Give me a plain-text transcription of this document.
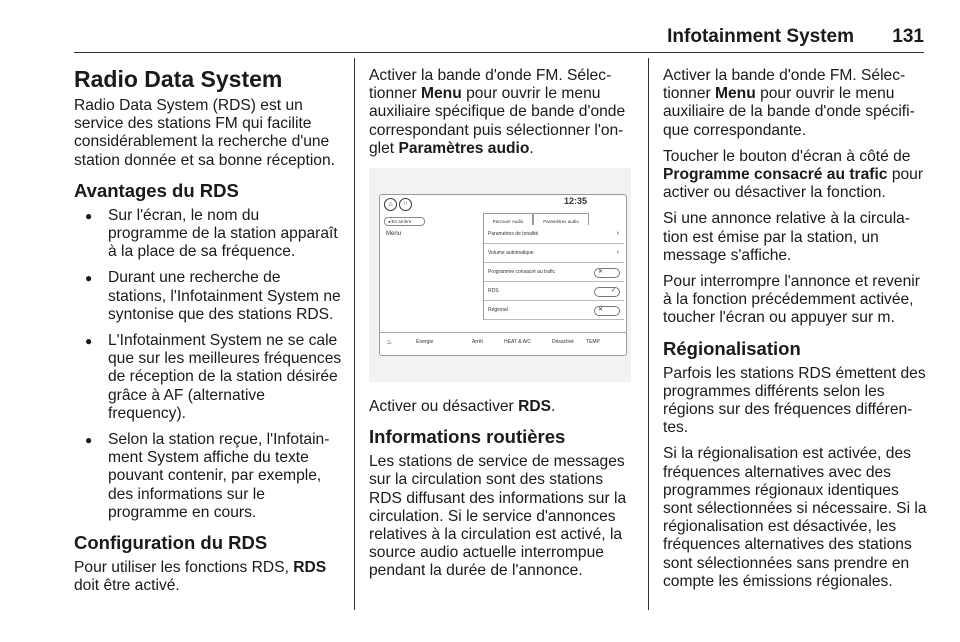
Infotainment System 131
Radio Data System

Radio Data System (RDS) est un service des stations FM qui facilite considérablement la recherche d'une station donnée et sa bonne réception.

Avantages du RDS
● Sur l'écran, le nom du programme de la station apparaît à la place de sa fréquence.
● Durant une recherche de stations, l'Infotainment System ne syntonise que des stations RDS.
● L'Infotainment System ne se cale que sur les meilleures fréquences de réception de la station désirée grâce à AF (alternative frequency).
● Selon la station reçue, l'Infotainment System affiche du texte pouvant contenir, par exemple, des informations sur le programme en cours.
Configuration du RDS

Pour utiliser les fonctions RDS, RDS doit être activé.

Activer la bande d'onde FM. Sélectionner Menu pour ouvrir le menu auxiliaire spécifique de bande d'onde correspondant puis sélectionner l'onglet Paramètres audio.

⌂	∷	12:35
◂ En arrière
Menu
Parcourir Audio	Paramètres audio
Paramètres de tonalité	›
Volume automatique	›
Programme consacré au trafic	✕
RDS	✓
Régional	✕
♨	Énergie	Arrêt	HEAT & A/C	Désactivé TEMP

Activer ou désactiver RDS.

Informations routières

Les stations de service de messages sur la circulation sont des stations RDS diffusant des informations sur la circulation. Si le service d'annonces relatives à la circulation est activé, la source audio actuelle interrompue pendant la durée de l'annonce.

Activer la bande d'onde FM. Sélectionner Menu pour ouvrir le menu auxiliaire de la bande d'onde spécifique correspondante.

Toucher le bouton d'écran à côté de Programme consacré au trafic pour activer ou désactiver la fonction.

Si une annonce relative à la circulation est émise par la station, un message s'affiche.

Pour interrompre l'annonce et revenir à la fonction précédemment activée, toucher l'écran ou appuyer sur m.

Régionalisation

Parfois les stations RDS émettent des programmes différents selon les régions sur des fréquences différentes.

Si la régionalisation est activée, des fréquences alternatives avec des programmes régionaux identiques sont sélectionnées si nécessaire. Si la régionalisation est désactivée, les fréquences alternatives des stations sont sélectionnées sans prendre en compte les émissions régionales.
